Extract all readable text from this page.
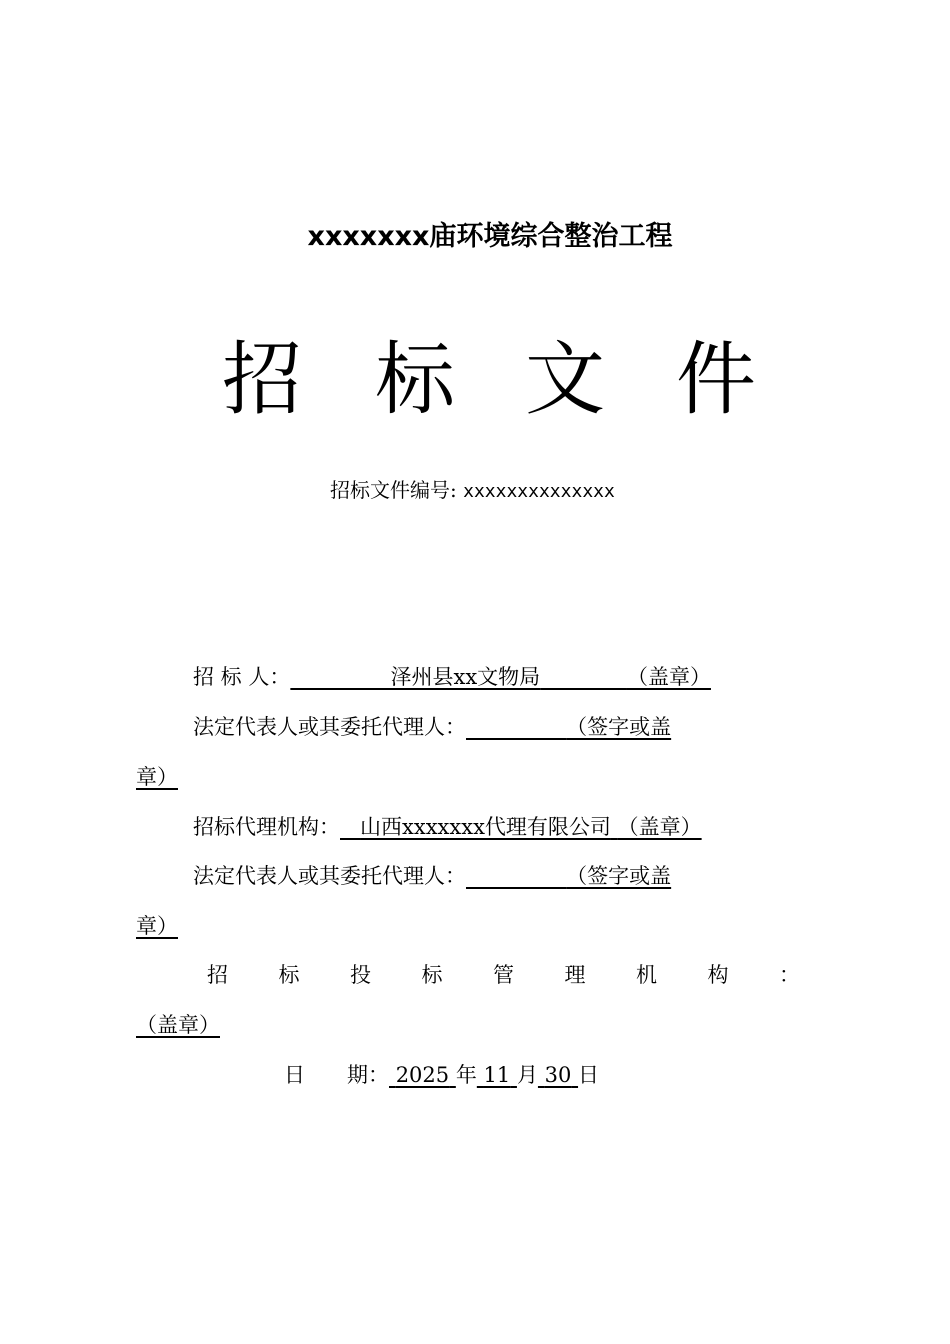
xxxxxxx庙环境综合整治工程
招 标 文 件
招标文件编号: xxxxxxxxxxxxxx
招 标 人：	泽州县xx文物局	（盖章）
法定代表人或其委托代理人：	（签字或盖
章）
招标代理机构： 山西xxxxxxx代理有限公司 （盖章）
法定代表人或其委托代理人：	（签字或盖
章）
招 标 投 标 管 理 机 构 ：
（盖章）
日　　期： 2025 年 11 月 30 日
